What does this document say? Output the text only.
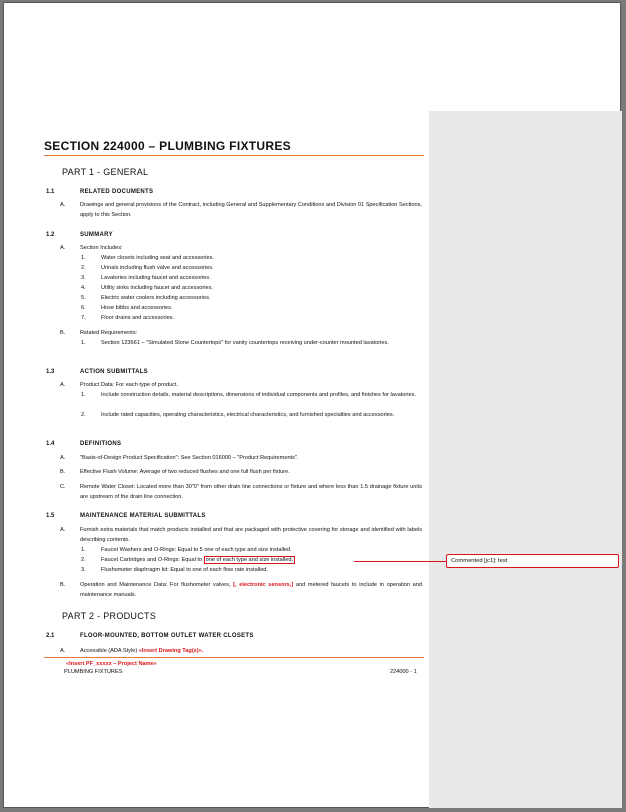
SECTION 224000 – PLUMBING FIXTURES
PART 1 - GENERAL
1.1	RELATED DOCUMENTS
A.	Drawings and general provisions of the Contract, including General and Supplementary Conditions and Division 01 Specification Sections, apply to this Section.
1.2	SUMMARY
A.	Section Includes:
1.	Water closets including seat and accessories.
2.	Urinals including flush valve and accessories.
3.	Lavatories including faucet and accessories.
4.	Utility sinks including faucet and accessories.
5.	Electric water coolers including accessories.
6.	Hose bibbs and accessories.
7.	Floor drains and accessories.
B.	Related Requirements:
1.	Section 123661 – "Simulated Stone Countertops" for vanity countertops receiving under-counter mounted lavatories.
1.3	ACTION SUBMITTALS
A.	Product Data: For each type of product.
1.	Include construction details, material descriptions, dimensions of individual components and profiles, and finishes for lavatories.
2.	Include rated capacities, operating characteristics, electrical characteristics, and furnished specialties and accessories.
1.4	DEFINITIONS
A.	"Basis-of-Design Product Specification": See Section 016000 – "Product Requirements".
B.	Effective Flush Volume: Average of two reduced flushes and one full flush per fixture.
C.	Remote Water Closet: Located more than 30"0" from other drain line connections or fixture and where less than 1.5 drainage fixture units are upstream of the drain line connection.
1.5	MAINTENANCE MATERIAL SUBMITTALS
A.	Furnish extra materials that match products installed and that are packaged with protective covering for storage and identified with labels describing contents.
1.	Faucet Washers and O-Rings: Equal to 5 one of each type and size installed.
2.	Faucet Cartridges and O-Rings: Equal to one of each type and size installed.
3.	Flushometer diaphragm kit: Equal to one of each flow rate installed.
B.	Operation and Maintenance Data: For flushometer valves, [, electronic sensors,] and metered faucets to include in operation and maintenance manuals.
PART 2 - PRODUCTS
2.1	FLOOR-MOUNTED, BOTTOM OUTLET WATER CLOSETS
A.	Accessible (ADA Style) «Insert Drawing Tag(s)».
«Insert PF_xxxxx – Project Name»
PLUMBING FIXTURES	224000 - 1
Commented [jc1]: test
